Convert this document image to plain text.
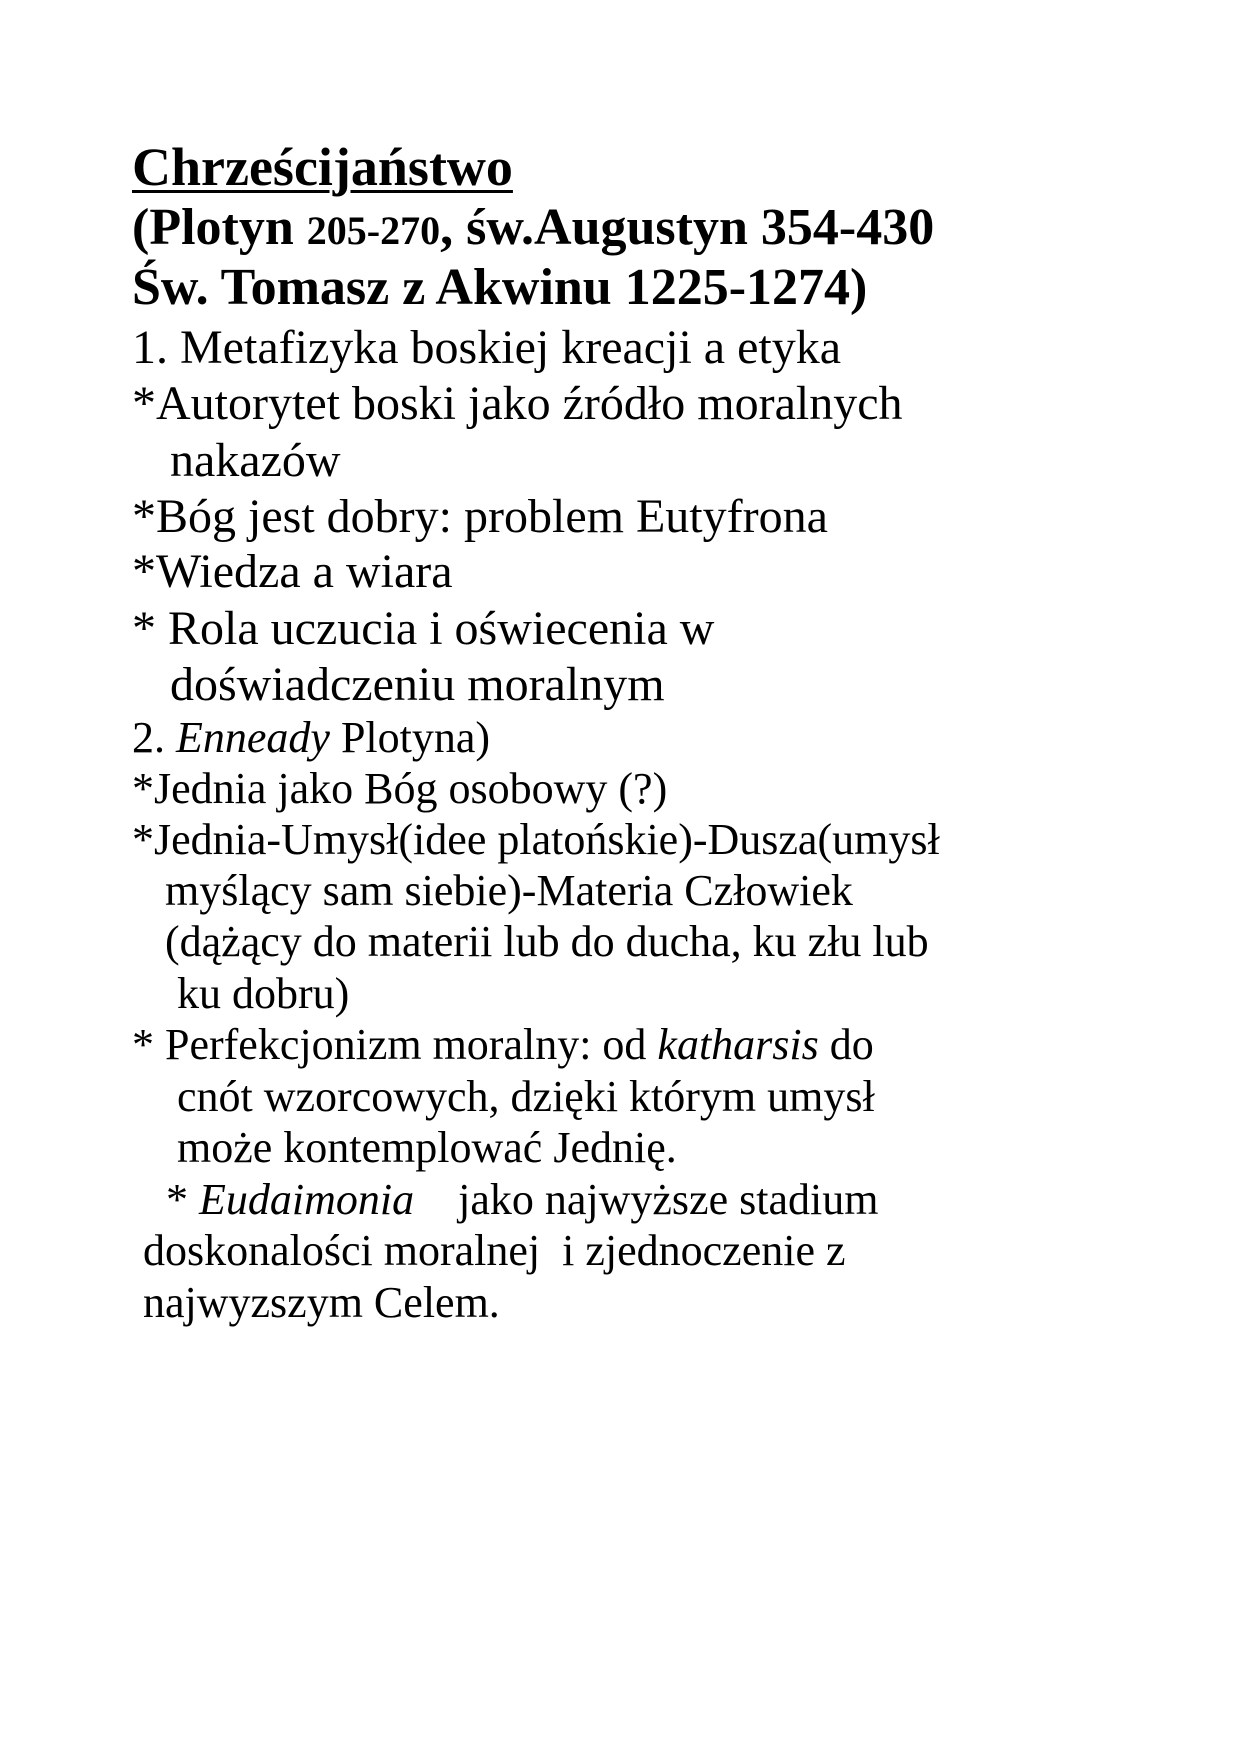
Chrześcijaństwo
(Plotyn 205-270, św.Augustyn 354-430
Św. Tomasz z Akwinu 1225-1274)
1. Metafizyka boskiej kreacji a etyka
*Autorytet boski jako źródło moralnych
nakazów
*Bóg jest dobry: problem Eutyfrona
*Wiedza a wiara
* Rola uczucia i oświecenia w
doświadczeniu moralnym
2. Enneady Plotyna)
*Jednia jako Bóg osobowy (?)
*Jednia-Umysł(idee platońskie)-Dusza(umysł
myślący sam siebie)-Materia Człowiek
(dążący do materii lub do ducha, ku złu lub
ku dobru)
* Perfekcjonizm moralny: od katharsis do
cnót wzorcowych, dzięki którym umysł
może kontemplować Jednię.
* Eudaimonia    jako najwyższe stadium
doskonalości moralnej  i zjednoczenie z
najwyzszym Celem.
